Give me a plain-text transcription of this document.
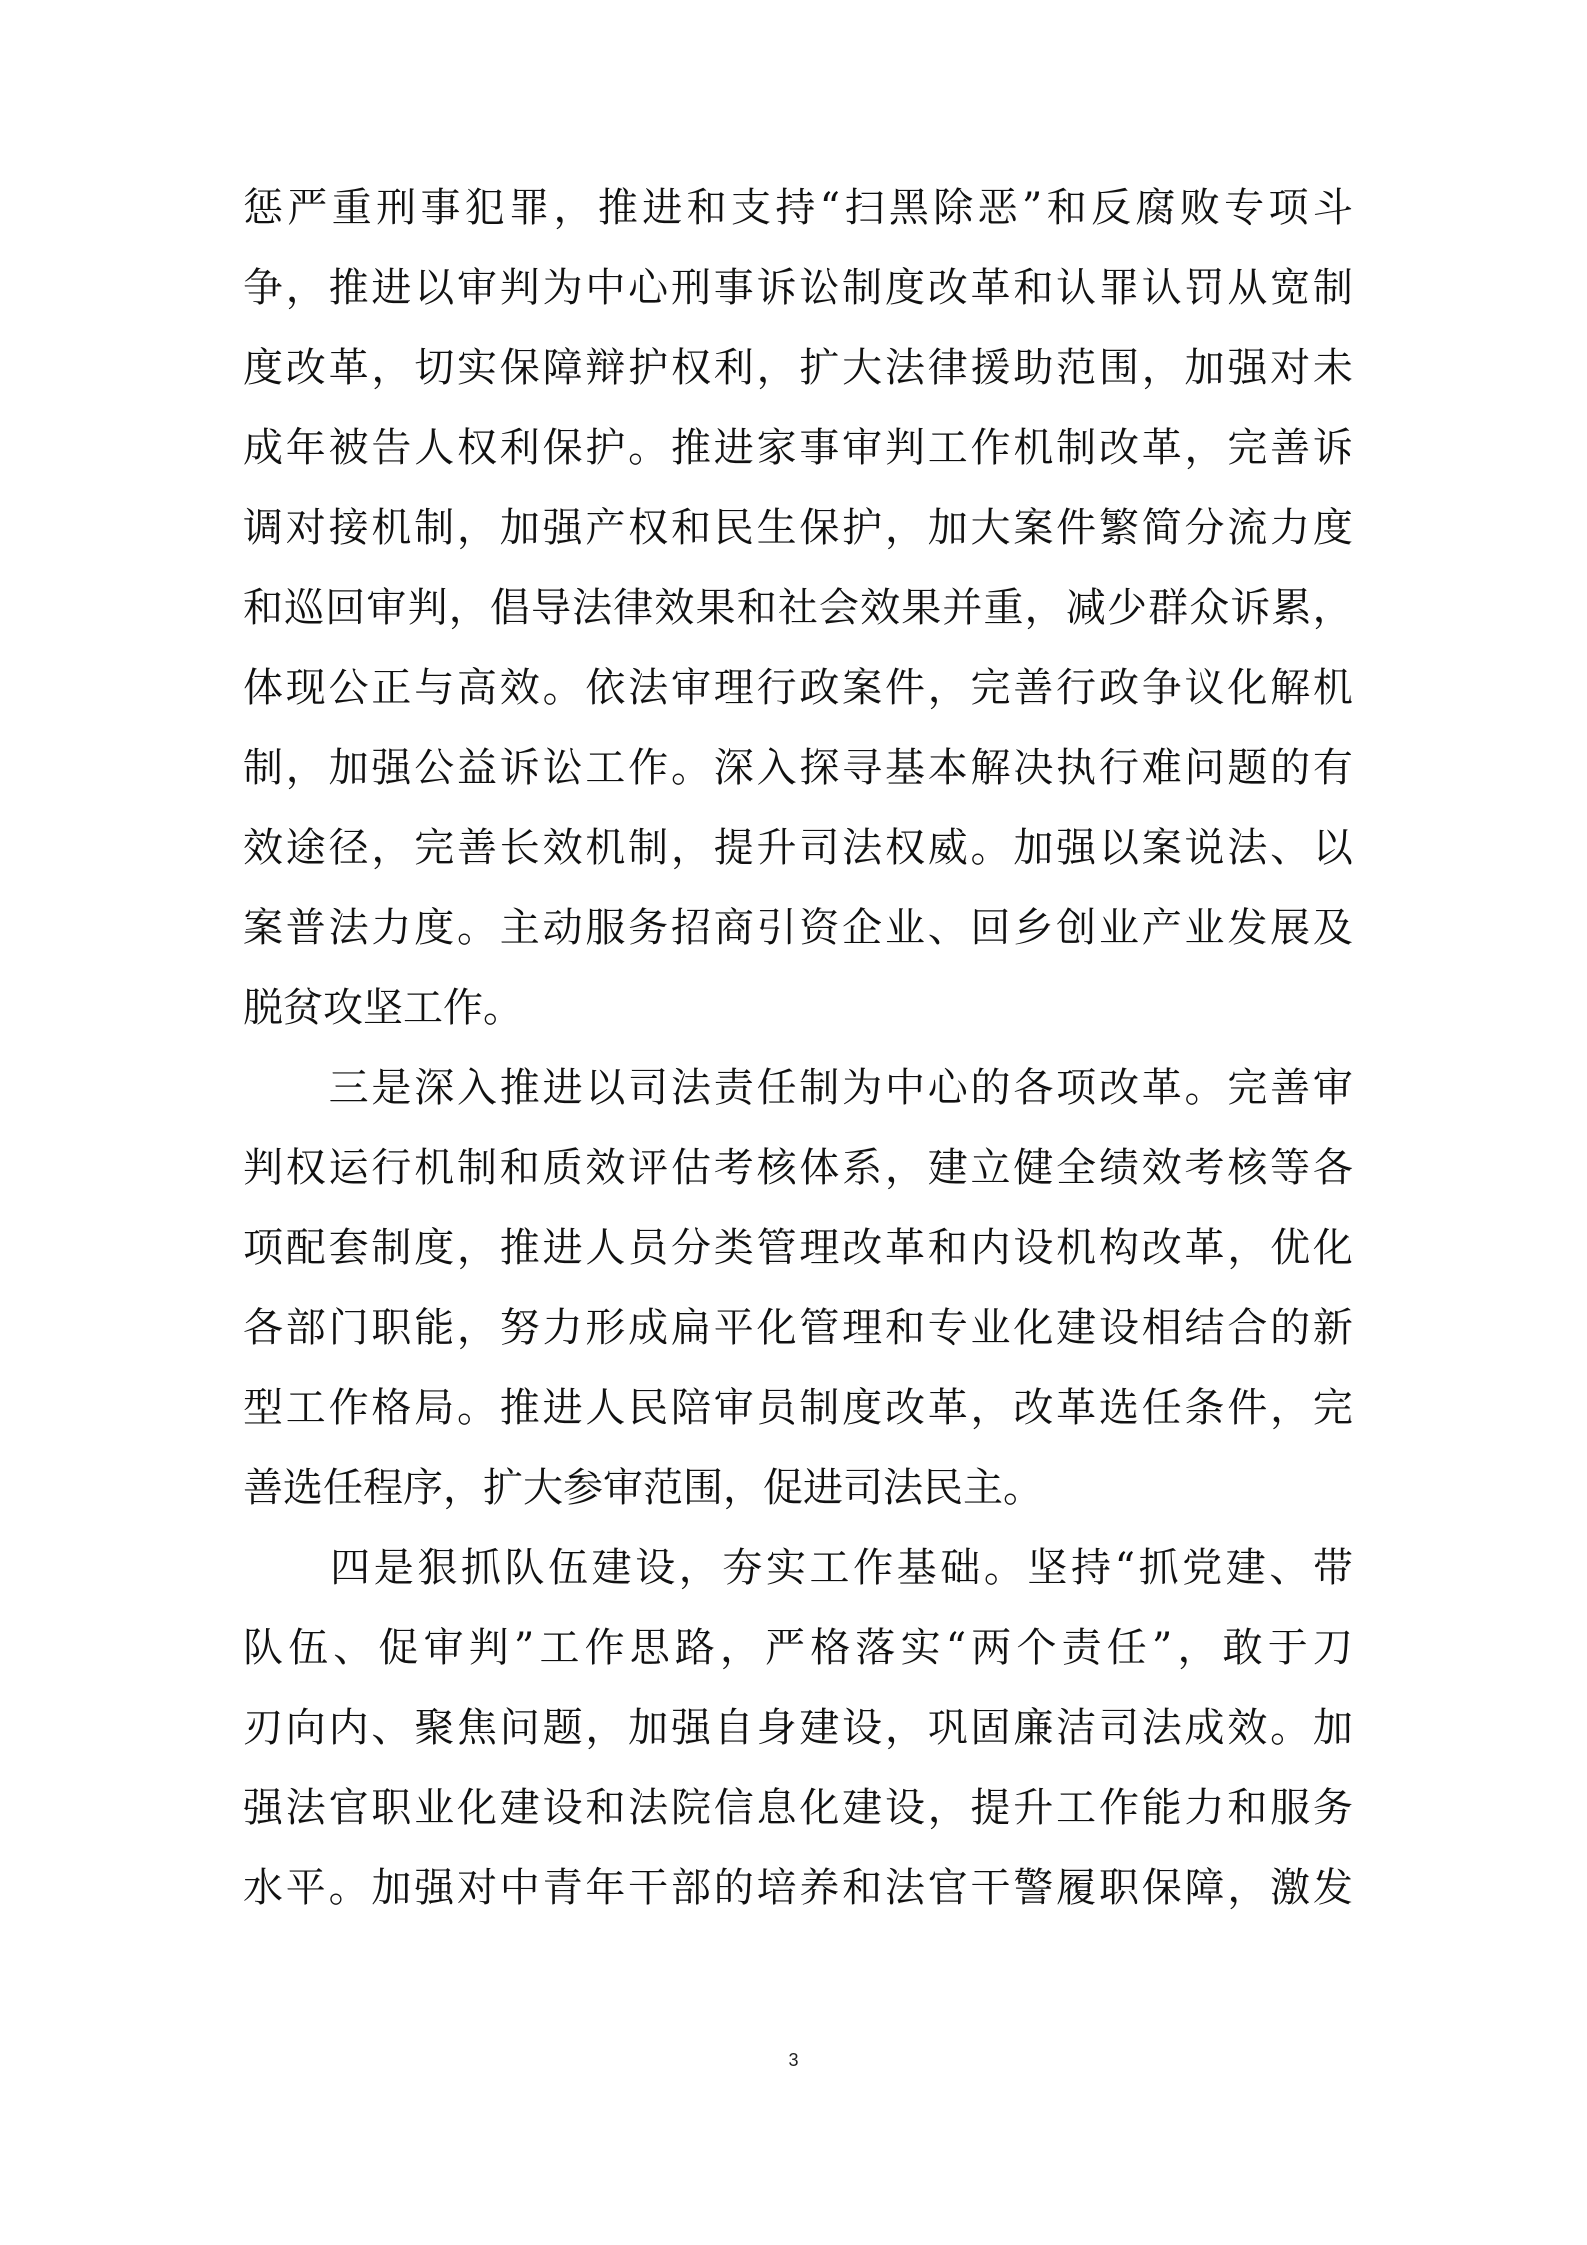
惩 严 重 刑 事 犯 罪 ， 推 进 和 支 持 “ 扫 黑 除 恶 ” 和 反 腐 败 专 项 斗
争 ， 推 进 以 审 判 为 中 心 刑 事 诉 讼 制 度 改 革 和 认 罪 认 罚 从 宽 制
度 改 革 ， 切 实 保 障 辩 护 权 利 ， 扩 大 法 律 援 助 范 围 ， 加 强 对 未
成 年 被 告 人 权 利 保 护 。 推 进 家 事 审 判 工 作 机 制 改 革 ， 完 善 诉
调 对 接 机 制 ， 加 强 产 权 和 民 生 保 护 ， 加 大 案 件 繁 简 分 流 力 度
和 巡 回 审 判 ， 倡 导 法 律 效 果 和 社 会 效 果 并 重 ， 减 少 群 众 诉 累 ，
体 现 公 正 与 高 效 。 依 法 审 理 行 政 案 件 ， 完 善 行 政 争 议 化 解 机
制 ， 加 强 公 益 诉 讼 工 作 。 深 入 探 寻 基 本 解 决 执 行 难 问 题 的 有
效 途 径 ， 完 善 长 效 机 制 ， 提 升 司 法 权 威 。 加 强 以 案 说 法 、 以
案 普 法 力 度 。 主 动 服 务 招 商 引 资 企 业 、 回 乡 创 业 产 业 发 展 及
脱贫攻坚工作。

三 是 深 入 推 进 以 司 法 责 任 制 为 中 心 的 各 项 改 革 。 完 善 审
判 权 运 行 机 制 和 质 效 评 估 考 核 体 系 ， 建 立 健 全 绩 效 考 核 等 各
项 配 套 制 度 ， 推 进 人 员 分 类 管 理 改 革 和 内 设 机 构 改 革 ， 优 化
各 部 门 职 能 ， 努 力 形 成 扁 平 化 管 理 和 专 业 化 建 设 相 结 合 的 新
型 工 作 格 局 。 推 进 人 民 陪 审 员 制 度 改 革 ， 改 革 选 任 条 件 ， 完
善选任程序，扩大参审范围，促进司法民主。

四 是 狠 抓 队 伍 建 设 ， 夯 实 工 作 基 础 。 坚 持 “ 抓 党 建 、 带
队 伍 、 促 审 判 ” 工 作 思 路 ， 严 格 落 实 “ 两 个 责 任 ” ， 敢 于 刀
刃 向 内 、 聚 焦 问 题 ， 加 强 自 身 建 设 ， 巩 固 廉 洁 司 法 成 效 。 加
强 法 官 职 业 化 建 设 和 法 院 信 息 化 建 设 ， 提 升 工 作 能 力 和 服 务
水 平 。 加 强 对 中 青 年 干 部 的 培 养 和 法 官 干 警 履 职 保 障 ， 激 发
3
